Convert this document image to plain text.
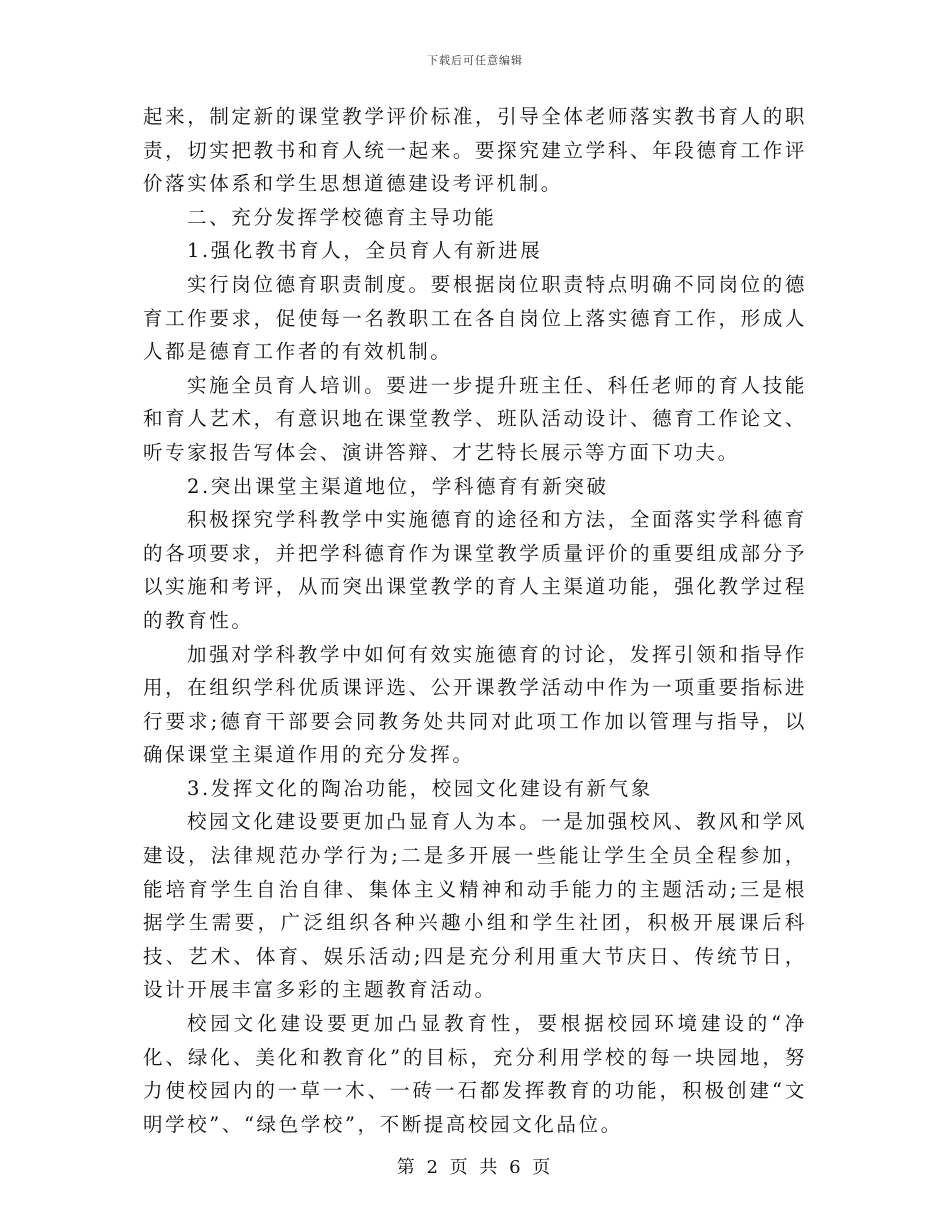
下载后可任意编辑

起来，制定新的课堂教学评价标准，引导全体老师落实教书育人的职责，切实把教书和育人统一起来。要探究建立学科、年段德育工作评价落实体系和学生思想道德建设考评机制。

二、充分发挥学校德育主导功能

1.强化教书育人，全员育人有新进展

实行岗位德育职责制度。要根据岗位职责特点明确不同岗位的德育工作要求，促使每一名教职工在各自岗位上落实德育工作，形成人人都是德育工作者的有效机制。

实施全员育人培训。要进一步提升班主任、科任老师的育人技能和育人艺术，有意识地在课堂教学、班队活动设计、德育工作论文、听专家报告写体会、演讲答辩、才艺特长展示等方面下功夫。

2.突出课堂主渠道地位，学科德育有新突破

积极探究学科教学中实施德育的途径和方法，全面落实学科德育的各项要求，并把学科德育作为课堂教学质量评价的重要组成部分予以实施和考评，从而突出课堂教学的育人主渠道功能，强化教学过程的教育性。

加强对学科教学中如何有效实施德育的讨论，发挥引领和指导作用，在组织学科优质课评选、公开课教学活动中作为一项重要指标进行要求;德育干部要会同教务处共同对此项工作加以管理与指导，以确保课堂主渠道作用的充分发挥。

3.发挥文化的陶冶功能，校园文化建设有新气象

校园文化建设要更加凸显育人为本。一是加强校风、教风和学风建设，法律规范办学行为;二是多开展一些能让学生全员全程参加，能培育学生自治自律、集体主义精神和动手能力的主题活动;三是根据学生需要，广泛组织各种兴趣小组和学生社团，积极开展课后科技、艺术、体育、娱乐活动;四是充分利用重大节庆日、传统节日，设计开展丰富多彩的主题教育活动。

校园文化建设要更加凸显教育性，要根据校园环境建设的“净化、绿化、美化和教育化”的目标，充分利用学校的每一块园地，努力使校园内的一草一木、一砖一石都发挥教育的功能，积极创建“文明学校”、“绿色学校”，不断提高校园文化品位。

第 2 页 共 6 页
